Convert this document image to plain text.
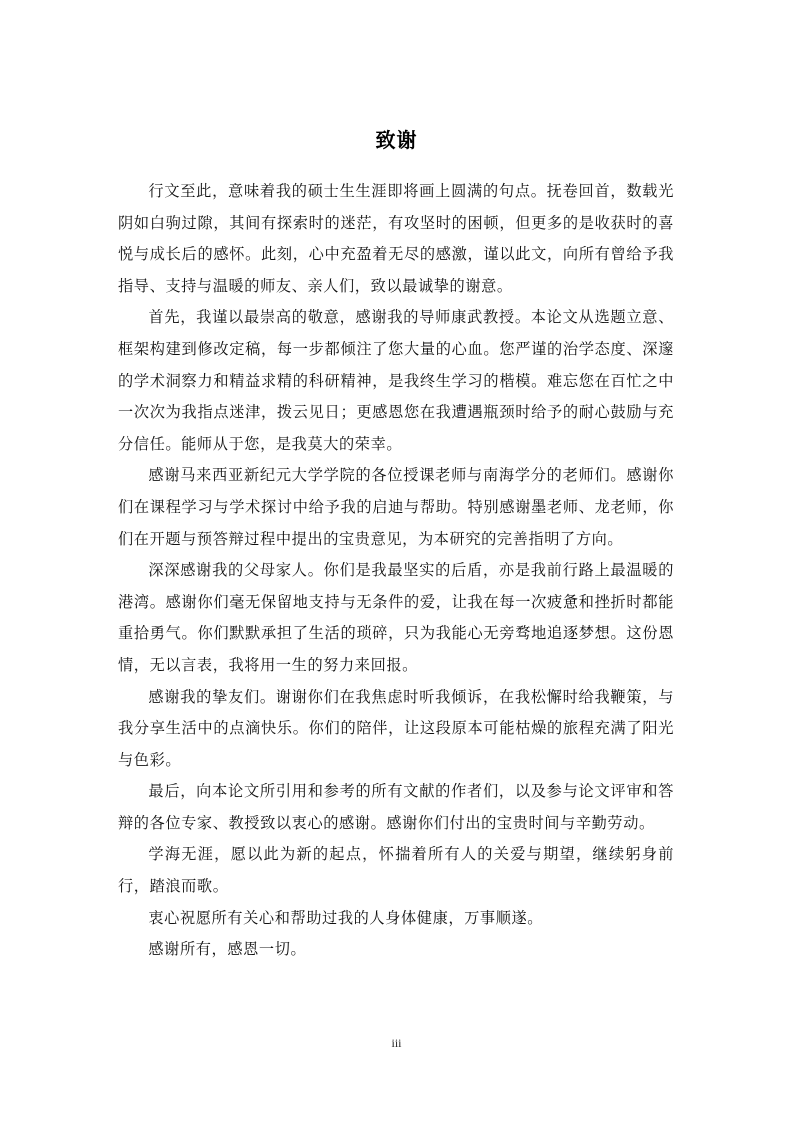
致谢

行文至此，意味着我的硕士生生涯即将画上圆满的句点。抚卷回首，数载光阴如白驹过隙，其间有探索时的迷茫，有攻坚时的困顿，但更多的是收获时的喜悦与成长后的感怀。此刻，心中充盈着无尽的感激，谨以此文，向所有曾给予我指导、支持与温暖的师友、亲人们，致以最诚挚的谢意。

首先，我谨以最崇高的敬意，感谢我的导师康武教授。本论文从选题立意、框架构建到修改定稿，每一步都倾注了您大量的心血。您严谨的治学态度、深邃的学术洞察力和精益求精的科研精神，是我终生学习的楷模。难忘您在百忙之中一次次为我指点迷津，拨云见日；更感恩您在我遭遇瓶颈时给予的耐心鼓励与充分信任。能师从于您，是我莫大的荣幸。

感谢马来西亚新纪元大学学院的各位授课老师与南海学分的老师们。感谢你们在课程学习与学术探讨中给予我的启迪与帮助。特别感谢墨老师、龙老师，你们在开题与预答辩过程中提出的宝贵意见，为本研究的完善指明了方向。

深深感谢我的父母家人。你们是我最坚实的后盾，亦是我前行路上最温暖的港湾。感谢你们毫无保留地支持与无条件的爱，让我在每一次疲惫和挫折时都能重拾勇气。你们默默承担了生活的琐碎，只为我能心无旁骛地追逐梦想。这份恩情，无以言表，我将用一生的努力来回报。

感谢我的挚友们。谢谢你们在我焦虑时听我倾诉，在我松懈时给我鞭策，与我分享生活中的点滴快乐。你们的陪伴，让这段原本可能枯燥的旅程充满了阳光与色彩。

最后，向本论文所引用和参考的所有文献的作者们，以及参与论文评审和答辩的各位专家、教授致以衷心的感谢。感谢你们付出的宝贵时间与辛勤劳动。

学海无涯，愿以此为新的起点，怀揣着所有人的关爱与期望，继续躬身前行，踏浪而歌。

衷心祝愿所有关心和帮助过我的人身体健康，万事顺遂。

感谢所有，感恩一切。

iii
